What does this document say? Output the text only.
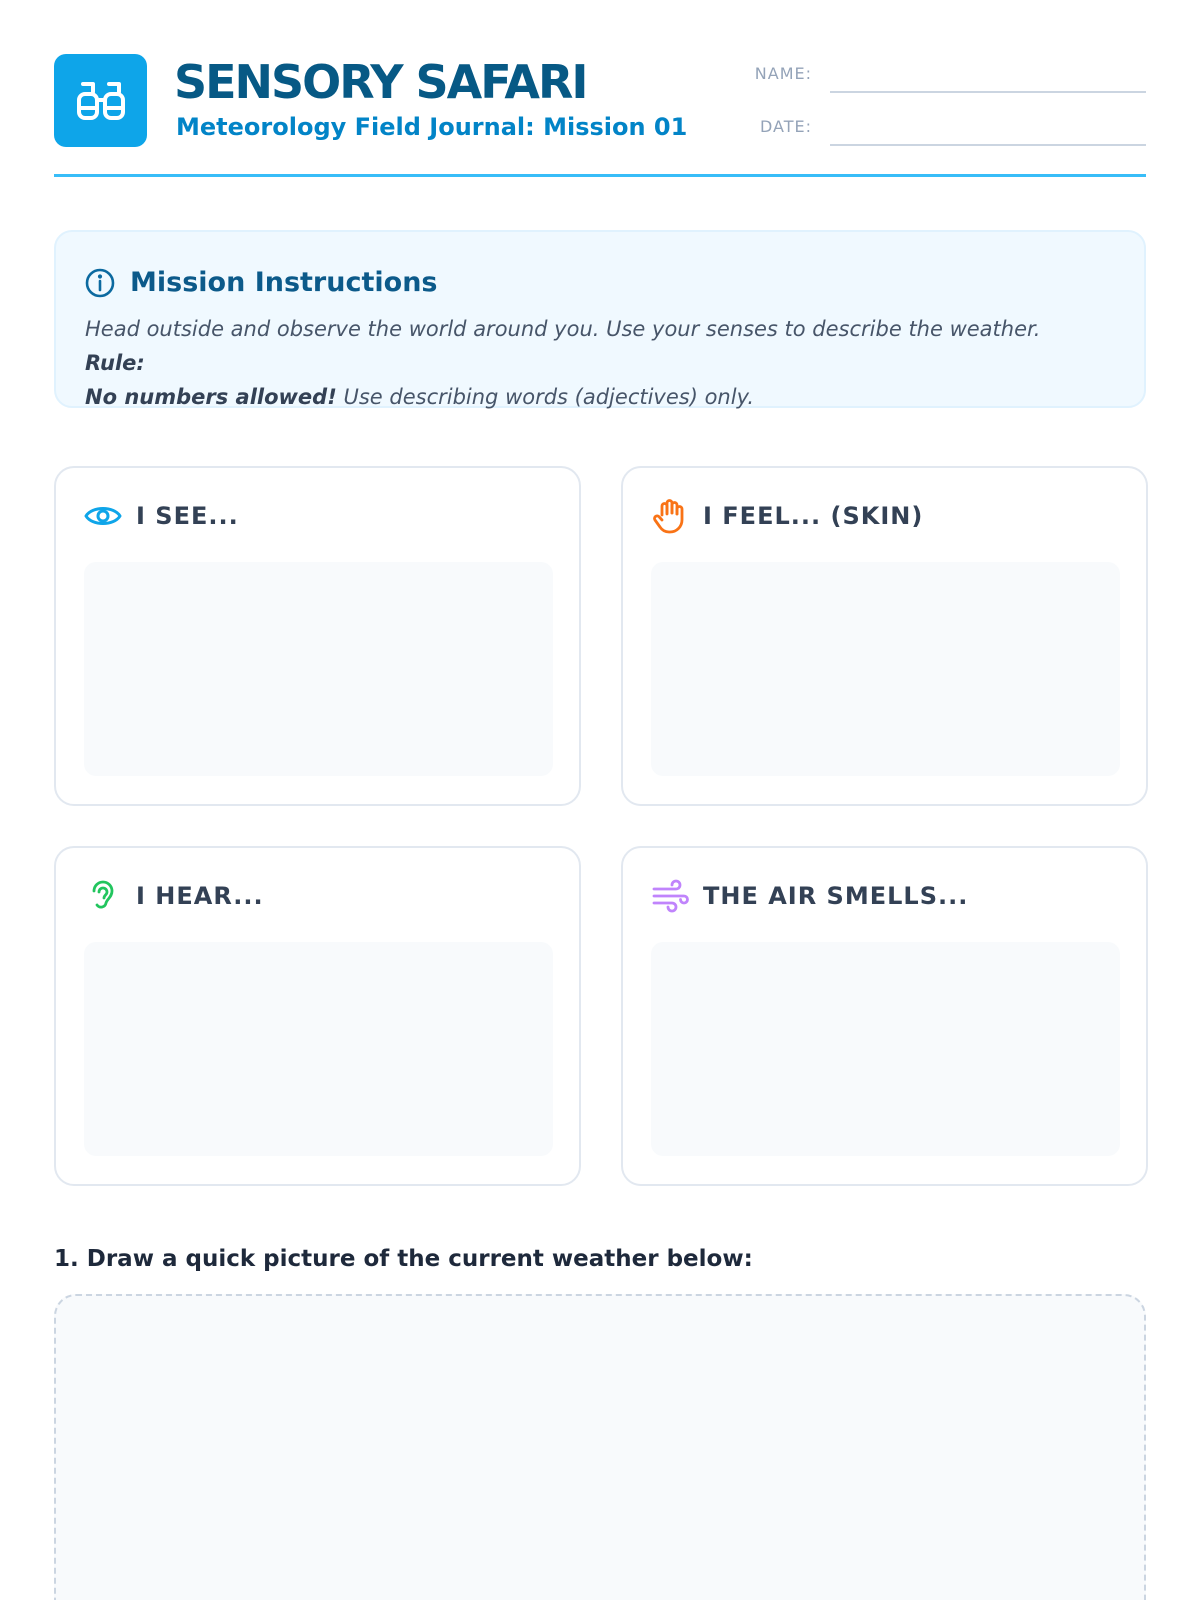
SENSORY SAFARI
Meteorology Field Journal: Mission 01
NAME:
DATE:
Mission Instructions
Head outside and observe the world around you. Use your senses to describe the weather. Rule:
No numbers allowed! Use describing words (adjectives) only.
I SEE...	I FEEL... (SKIN)
I HEAR...	THE AIR SMELLS...
1. Draw a quick picture of the current weather below:
